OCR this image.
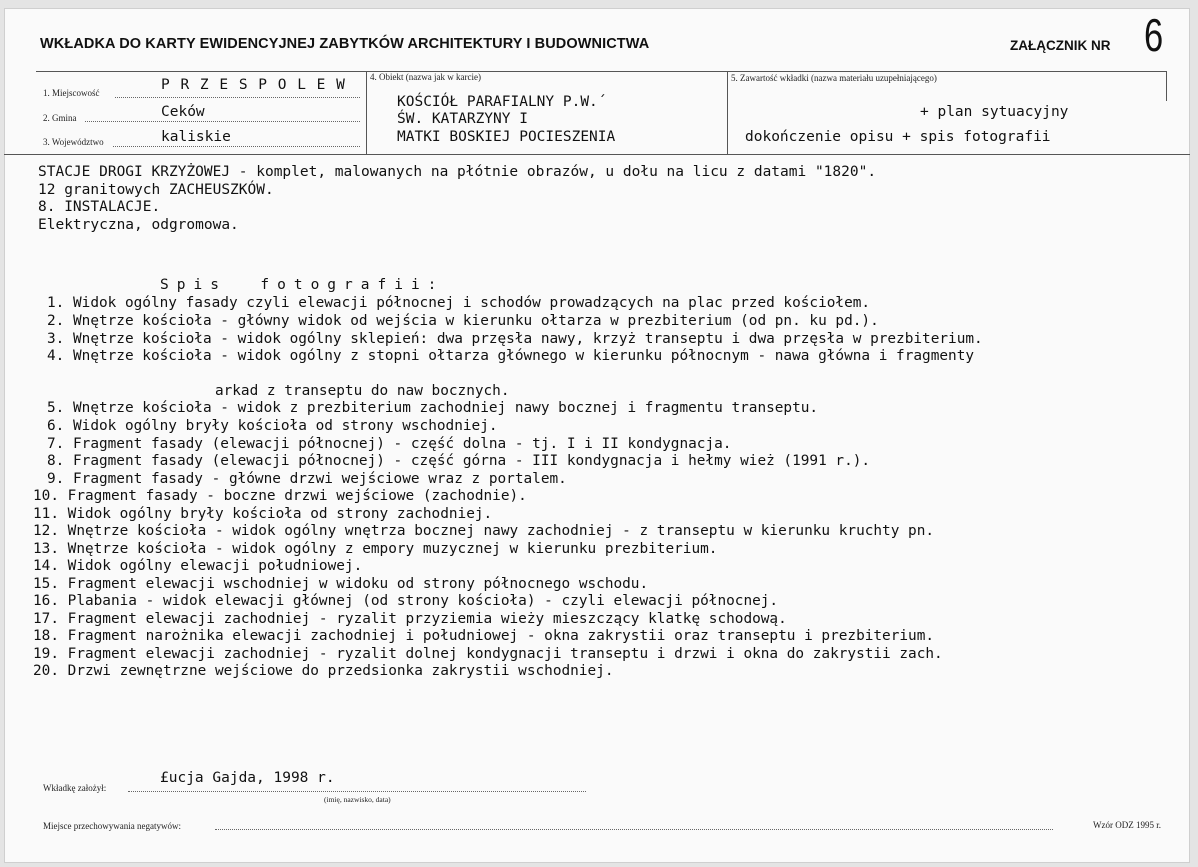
WKŁADKA DO KARTY EWIDENCYJNEJ ZABYTKÓW ARCHITEKTURY I BUDOWNICTWA	ZAŁĄCZNIK NR 6
1. Miejscowość	P R Z E S P O L E W
2. Gmina	Ceków
3. Województwo	kaliskie
4. Obiekt (nazwa jak w karcie)
KOŚCIÓŁ PARAFIALNY P.W.´
ŚW. KATARZYNY I
MATKI BOSKIEJ POCIESZENIA
5. Zawartość wkładki (nazwa materiału uzupełniającego)
+ plan sytuacyjny
dokończenie opisu + spis fotografii
STACJE DROGI KRZYŻOWEJ - komplet, malowanych na płótnie obrazów, u dołu na licu z datami "1820".
12 granitowych ZACHEUSZKÓW.
8. INSTALACJE.
Elektryczna, odgromowa.
Spis  fotografii:
1. Widok ogólny fasady czyli elewacji północnej i schodów prowadzących na plac przed kościołem.
2. Wnętrze kościoła - główny widok od wejścia w kierunku ołtarza w prezbiterium (od pn. ku pd.).
3. Wnętrze kościoła - widok ogólny sklepień: dwa przęsła nawy, krzyż transeptu i dwa przęsła w prezbiterium.
4. Wnętrze kościoła - widok ogólny z stopni ołtarza głównego w kierunku północnym - nawa główna i fragmenty
arkad z transeptu do naw bocznych.
5. Wnętrze kościoła - widok z prezbiterium zachodniej nawy bocznej i fragmentu transeptu.
6. Widok ogólny bryły kościoła od strony wschodniej.
7. Fragment fasady (elewacji północnej) - część dolna - tj. I i II kondygnacja.
8. Fragment fasady (elewacji północnej) - część górna - III kondygnacja i hełmy wież (1991 r.).
9. Fragment fasady - główne drzwi wejściowe wraz z portalem.
10. Fragment fasady - boczne drzwi wejściowe (zachodnie).
11. Widok ogólny bryły kościoła od strony zachodniej.
12. Wnętrze kościoła - widok ogólny wnętrza bocznej nawy zachodniej - z transeptu w kierunku kruchty pn.
13. Wnętrze kościoła - widok ogólny z empory muzycznej w kierunku prezbiterium.
14. Widok ogólny elewacji południowej.
15. Fragment elewacji wschodniej w widoku od strony północnego wschodu.
16. Plabania - widok elewacji głównej (od strony kościoła) - czyli elewacji północnej.
17. Fragment elewacji zachodniej - ryzalit przyziemia wieży mieszczący klatkę schodową.
18. Fragment narożnika elewacji zachodniej i południowej - okna zakrystii oraz transeptu i prezbiterium.
19. Fragment elewacji zachodniej - ryzalit dolnej kondygnacji transeptu i drzwi i okna do zakrystii zach.
20. Drzwi zewnętrzne wejściowe do przedsionka zakrystii wschodniej.
Wkładkę założył:
£ucja Gajda, 1998 r.
(imię, nazwisko, data)
Miejsce przechowywania negatywów:	Wzór ODZ 1995 r.
